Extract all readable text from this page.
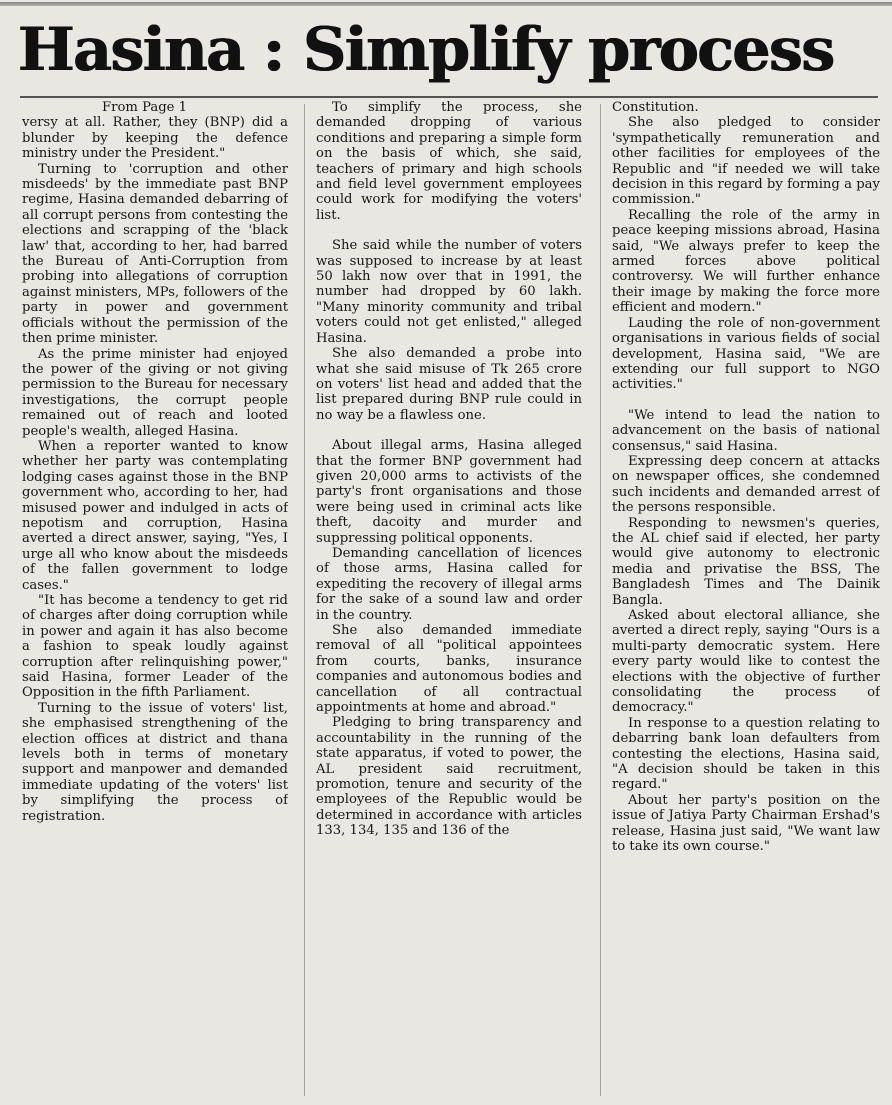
Hasina : Simplify process
From Page 1

versy at all. Rather, they (BNP) did a blunder by keeping the defence ministry under the President."

Turning to 'corruption and other misdeeds' by the immediate past BNP regime, Hasina demanded debarring of all corrupt persons from contesting the elections and scrapping of the 'black law' that, according to her, had barred the Bureau of Anti-Corruption from probing into allegations of corruption against ministers, MPs, followers of the party in power and government officials without the permission of the then prime minister.

As the prime minister had enjoyed the power of the giving or not giving permission to the Bureau for necessary investigations, the corrupt people remained out of reach and looted people's wealth, alleged Hasina.

When a reporter wanted to know whether her party was contemplating lodging cases against those in the BNP government who, according to her, had misused power and indulged in acts of nepotism and corruption, Hasina averted a direct answer, saying, "Yes, I urge all who know about the misdeeds of the fallen government to lodge cases."

"It has become a tendency to get rid of charges after doing corruption while in power and again it has also become a fashion to speak loudly against corruption after relinquishing power," said Hasina, former Leader of the Opposition in the fifth Parliament.

Turning to the issue of voters' list, she emphasised strengthening of the election offices at district and thana levels both in terms of monetary support and manpower and demanded immediate updating of the voters' list by simplifying the process of registration.

To simplify the process, she demanded dropping of various conditions and preparing a simple form on the basis of which, she said, teachers of primary and high schools and field level government employees could work for modifying the voters' list.

She said while the number of voters was supposed to increase by at least 50 lakh now over that in 1991, the number had dropped by 60 lakh. "Many minority community and tribal voters could not get enlisted," alleged Hasina.

She also demanded a probe into what she said misuse of Tk 265 crore on voters' list head and added that the list prepared during BNP rule could in no way be a flawless one.

About illegal arms, Hasina alleged that the former BNP government had given 20,000 arms to activists of the party's front organisations and those were being used in criminal acts like theft, dacoity and murder and suppressing political opponents.

Demanding cancellation of licences of those arms, Hasina called for expediting the recovery of illegal arms for the sake of a sound law and order in the country.

She also demanded immediate removal of all "political appointees from courts, banks, insurance companies and autonomous bodies and cancellation of all contractual appointments at home and abroad."

Pledging to bring transparency and accountability in the running of the state apparatus, if voted to power, the AL president said recruitment, promotion, tenure and security of the employees of the Republic would be determined in accordance with articles 133, 134, 135 and 136 of the

Constitution.

She also pledged to consider 'sympathetically remuneration and other facilities for employees of the Republic and "if needed we will take decision in this regard by forming a pay commission."

Recalling the role of the army in peace keeping missions abroad, Hasina said, "We always prefer to keep the armed forces above political controversy. We will further enhance their image by making the force more efficient and modern."

Lauding the role of non-government organisations in various fields of social development, Hasina said, "We are extending our full support to NGO activities."

"We intend to lead the nation to advancement on the basis of national consensus," said Hasina.

Expressing deep concern at attacks on newspaper offices, she condemned such incidents and demanded arrest of the persons responsible.

Responding to newsmen's queries, the AL chief said if elected, her party would give autonomy to electronic media and privatise the BSS, The Bangladesh Times and The Dainik Bangla.

Asked about electoral alliance, she averted a direct reply, saying "Ours is a multi-party democratic system. Here every party would like to contest the elections with the objective of further consolidating the process of democracy."

In response to a question relating to debarring bank loan defaulters from contesting the elections, Hasina said, "A decision should be taken in this regard."

About her party's position on the issue of Jatiya Party Chairman Ershad's release, Hasina just said, "We want law to take its own course."
